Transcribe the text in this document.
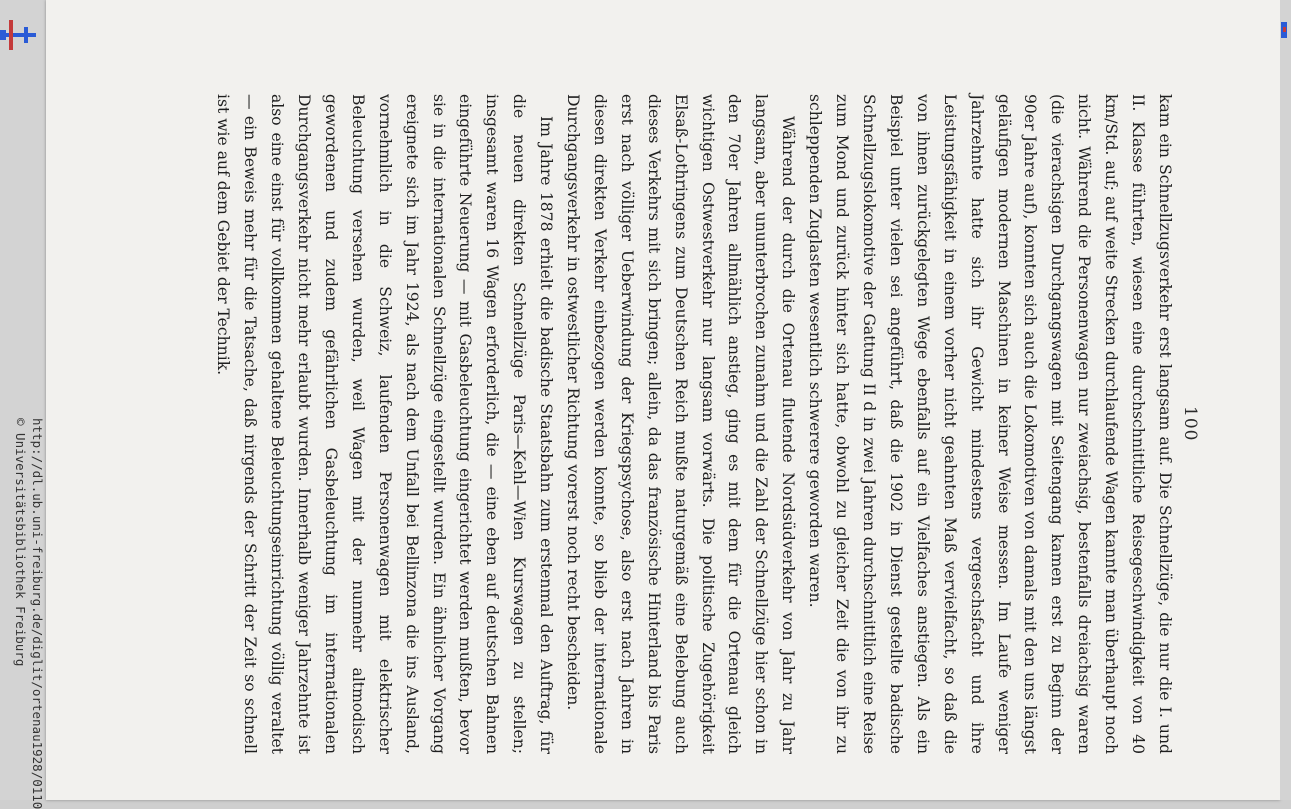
http://dl.ub.uni-freiburg.de/diglit/ortenau1928/0110
© Universitätsbibliothek Freiburg	100

kam ein Schnellzugsverkehr erst langsam auf. Die Schnellzüge, die nur die I. und II. Klasse führten, wiesen eine durchschnittliche Reisegeschwindigkeit von 40 km/Std. auf; auf weite Strecken durchlaufende Wagen kannte man überhaupt noch nicht. Während die Personenwagen nur zweiachsig, bestenfalls dreiachsig waren (die vierachsigen Durchgangswagen mit Seitengang kamen erst zu Beginn der 90er Jahre auf), konnten sich auch die Lokomotiven von damals mit den uns längst geläufigen modernen Maschinen in keiner Weise messen. Im Laufe weniger Jahrzehnte hatte sich ihr Gewicht mindestens vergeschsfacht und ihre Leistungsfähigkeit in einem vorher nicht geahnten Maß vervielfacht, so daß die von ihnen zurückgelegten Wege ebenfalls auf ein Vielfaches anstiegen. Als ein Beispiel unter vielen sei angeführt, daß die 1902 in Dienst gestellte badische Schnellzugslokomotive der Gattung II d in zwei Jahren durchschnittlich eine Reise zum Mond und zurück hinter sich hatte, obwohl zu gleicher Zeit die von ihr zu schleppenden Zuglasten wesentlich schwerere geworden waren.

Während der durch die Ortenau flutende Nordsüdverkehr von Jahr zu Jahr langsam, aber ununterbrochen zunahm und die Zahl der Schnellzüge hier schon in den 70er Jahren allmählich anstieg, ging es mit dem für die Ortenau gleich wichtigen Ostwestverkehr nur langsam vorwärts. Die politische Zugehörigkeit Elsaß-Lothringens zum Deutschen Reich mußte naturgemäß eine Belebung auch dieses Verkehrs mit sich bringen; allein, da das französische Hinterland bis Paris erst nach völliger Ueberwindung der Kriegspsychose, also erst nach Jahren in diesen direkten Verkehr einbezogen werden konnte, so blieb der internationale Durchgangsverkehr in ostwestlicher Richtung vorerst noch recht bescheiden.

Im Jahre 1878 erhielt die badische Staatsbahn zum erstenmal den Auftrag, für die neuen direkten Schnellzüge Paris—Kehl—Wien Kurswagen zu stellen; insgesamt waren 16 Wagen erforderlich, die — eine eben auf deutschen Bahnen eingeführte Neuerung — mit Gasbeleuchtung eingerichtet werden mußten, bevor sie in die internationalen Schnellzüge eingestellt wurden. Ein ähnlicher Vorgang ereignete sich im Jahr 1924, als nach dem Unfall bei Bellinzona die ins Ausland, vornehmlich in die Schweiz, laufenden Personenwagen mit elektrischer Beleuchtung versehen wurden, weil Wagen mit der nunmehr altmodisch gewordenen und zudem gefährlichen Gasbeleuchtung im internationalen Durchgangsverkehr nicht mehr erlaubt wurden. Innerhalb weniger Jahrzehnte ist also eine einst für vollkommen gehaltene Beleuchtungseinrichtung völlig veraltet — ein Beweis mehr für die Tatsache, daß nirgends der Schritt der Zeit so schnell ist wie auf dem Gebiet der Technik.
